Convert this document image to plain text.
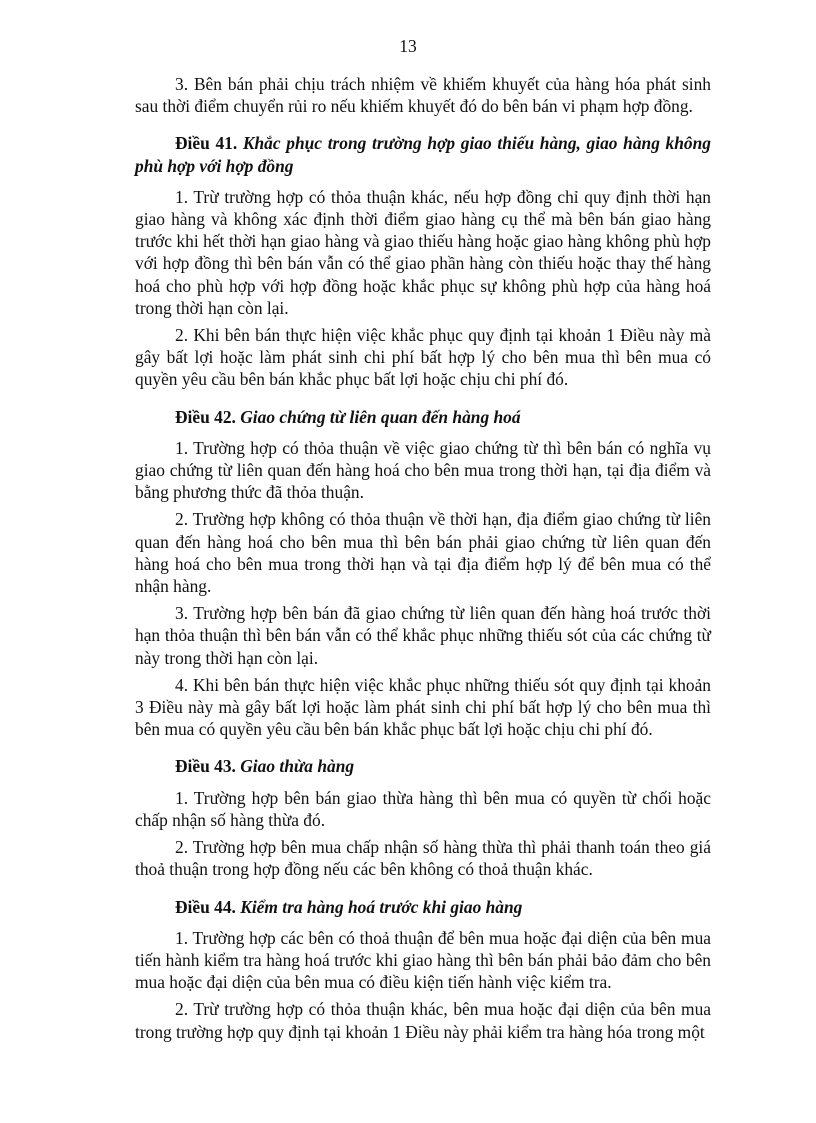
13

3. Bên bán phải chịu trách nhiệm về khiếm khuyết của hàng hóa phát sinh sau thời điểm chuyển rủi ro nếu khiếm khuyết đó do bên bán vi phạm hợp đồng.

Điều 41. Khắc phục trong trường hợp giao thiếu hàng, giao hàng không phù hợp với hợp đồng

1. Trừ trường hợp có thỏa thuận khác, nếu hợp đồng chỉ quy định thời hạn giao hàng và không xác định thời điểm giao hàng cụ thể mà bên bán giao hàng trước khi hết thời hạn giao hàng và giao thiếu hàng hoặc giao hàng không phù hợp với hợp đồng thì bên bán vẫn có thể giao phần hàng còn thiếu hoặc thay thế hàng hoá cho phù hợp với hợp đồng hoặc khắc phục sự không phù hợp của hàng hoá trong thời hạn còn lại.

2. Khi bên bán thực hiện việc khắc phục quy định tại khoản 1 Điều này mà gây bất lợi hoặc làm phát sinh chi phí bất hợp lý cho bên mua thì bên mua có quyền yêu cầu bên bán khắc phục bất lợi hoặc chịu chi phí đó.

Điều 42. Giao chứng từ liên quan đến hàng hoá

1. Trường hợp có thỏa thuận về việc giao chứng từ thì bên bán có nghĩa vụ giao chứng từ liên quan đến hàng hoá cho bên mua trong thời hạn, tại địa điểm và bằng phương thức đã thỏa thuận.

2. Trường hợp không có thỏa thuận về thời hạn, địa điểm giao chứng từ liên quan đến hàng hoá cho bên mua thì bên bán phải giao chứng từ liên quan đến hàng hoá cho bên mua trong thời hạn và tại địa điểm hợp lý để bên mua có thể nhận hàng.

3. Trường hợp bên bán đã giao chứng từ liên quan đến hàng hoá trước thời hạn thỏa thuận thì bên bán vẫn có thể khắc phục những thiếu sót của các chứng từ này trong thời hạn còn lại.

4. Khi bên bán thực hiện việc khắc phục những thiếu sót quy định tại khoản 3 Điều này mà gây bất lợi hoặc làm phát sinh chi phí bất hợp lý cho bên mua thì bên mua có quyền yêu cầu bên bán khắc phục bất lợi hoặc chịu chi phí đó.

Điều 43. Giao thừa hàng

1. Trường hợp bên bán giao thừa hàng thì bên mua có quyền từ chối hoặc chấp nhận số hàng thừa đó.

2. Trường hợp bên mua chấp nhận số hàng thừa thì phải thanh toán theo giá thoả thuận trong hợp đồng nếu các bên không có thoả thuận khác.

Điều 44. Kiểm tra hàng hoá trước khi giao hàng

1. Trường hợp các bên có thoả thuận để bên mua hoặc đại diện của bên mua tiến hành kiểm tra hàng hoá trước khi giao hàng thì bên bán phải bảo đảm cho bên mua hoặc đại diện của bên mua có điều kiện tiến hành việc kiểm tra.

2. Trừ trường hợp có thỏa thuận khác, bên mua hoặc đại diện của bên mua trong trường hợp quy định tại khoản 1 Điều này phải kiểm tra hàng hóa trong một
